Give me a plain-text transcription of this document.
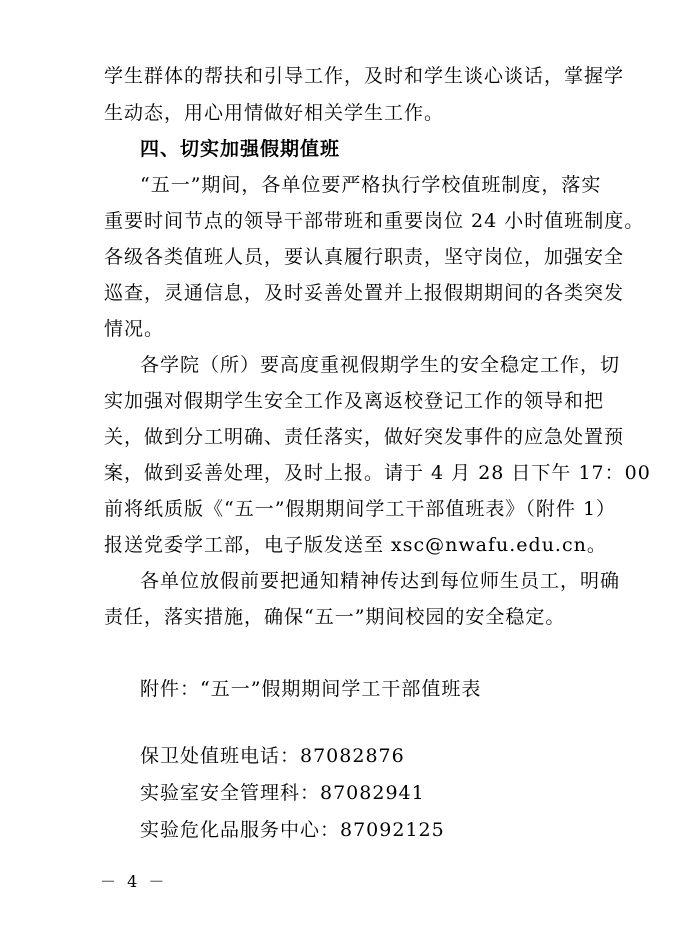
学生群体的帮扶和引导工作，及时和学生谈心谈话，掌握学
生动态，用心用情做好相关学生工作。
四、切实加强假期值班
“五一”期间，各单位要严格执行学校值班制度，落实
重要时间节点的领导干部带班和重要岗位 24 小时值班制度。
各级各类值班人员，要认真履行职责，坚守岗位，加强安全
巡查，灵通信息，及时妥善处置并上报假期期间的各类突发
情况。
各学院（所）要高度重视假期学生的安全稳定工作，切
实加强对假期学生安全工作及离返校登记工作的领导和把
关，做到分工明确、责任落实，做好突发事件的应急处置预
案，做到妥善处理，及时上报。请于 4 月 28 日下午 17：00
前将纸质版《“五一”假期期间学工干部值班表》（附件 1）
报送党委学工部，电子版发送至 xsc@nwafu.edu.cn。
各单位放假前要把通知精神传达到每位师生员工，明确
责任，落实措施，确保“五一”期间校园的安全稳定。
附件：“五一”假期期间学工干部值班表
保卫处值班电话：87082876
实验室安全管理科：87082941
实验危化品服务中心：87092125
－ 4 －
